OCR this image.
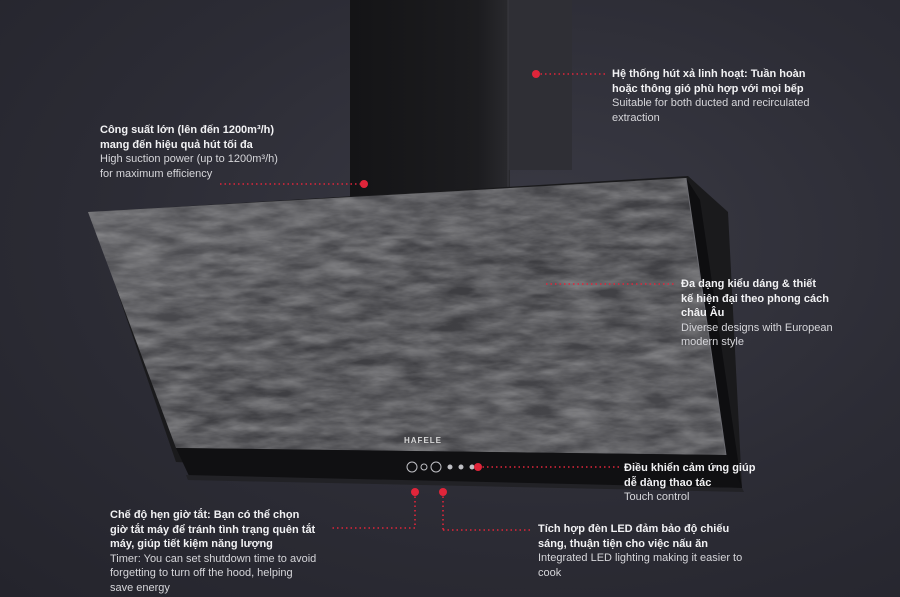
HAFELE
Hệ thống hút xả linh hoạt: Tuần hoàn
hoặc thông gió phù hợp với mọi bếp
Suitable for both ducted and recirculated
extraction
Công suất lớn (lên đến 1200m³/h)
mang đến hiệu quả hút tối đa
High suction power (up to 1200m³/h)
for maximum efficiency
Đa dạng kiểu dáng & thiết
kế hiện đại theo phong cách
châu Âu
Diverse designs with European
modern style
Điều khiển cảm ứng giúp
dễ dàng thao tác
Touch control
Chế độ hẹn giờ tắt: Bạn có thể chọn
giờ tắt máy để tránh tình trạng quên tắt
máy, giúp tiết kiệm năng lượng
Timer: You can set shutdown time to avoid
forgetting to turn off the hood, helping
save energy
Tích hợp đèn LED đảm bảo độ chiếu
sáng, thuận tiện cho việc nấu ăn
Integrated LED lighting making it easier to
cook
